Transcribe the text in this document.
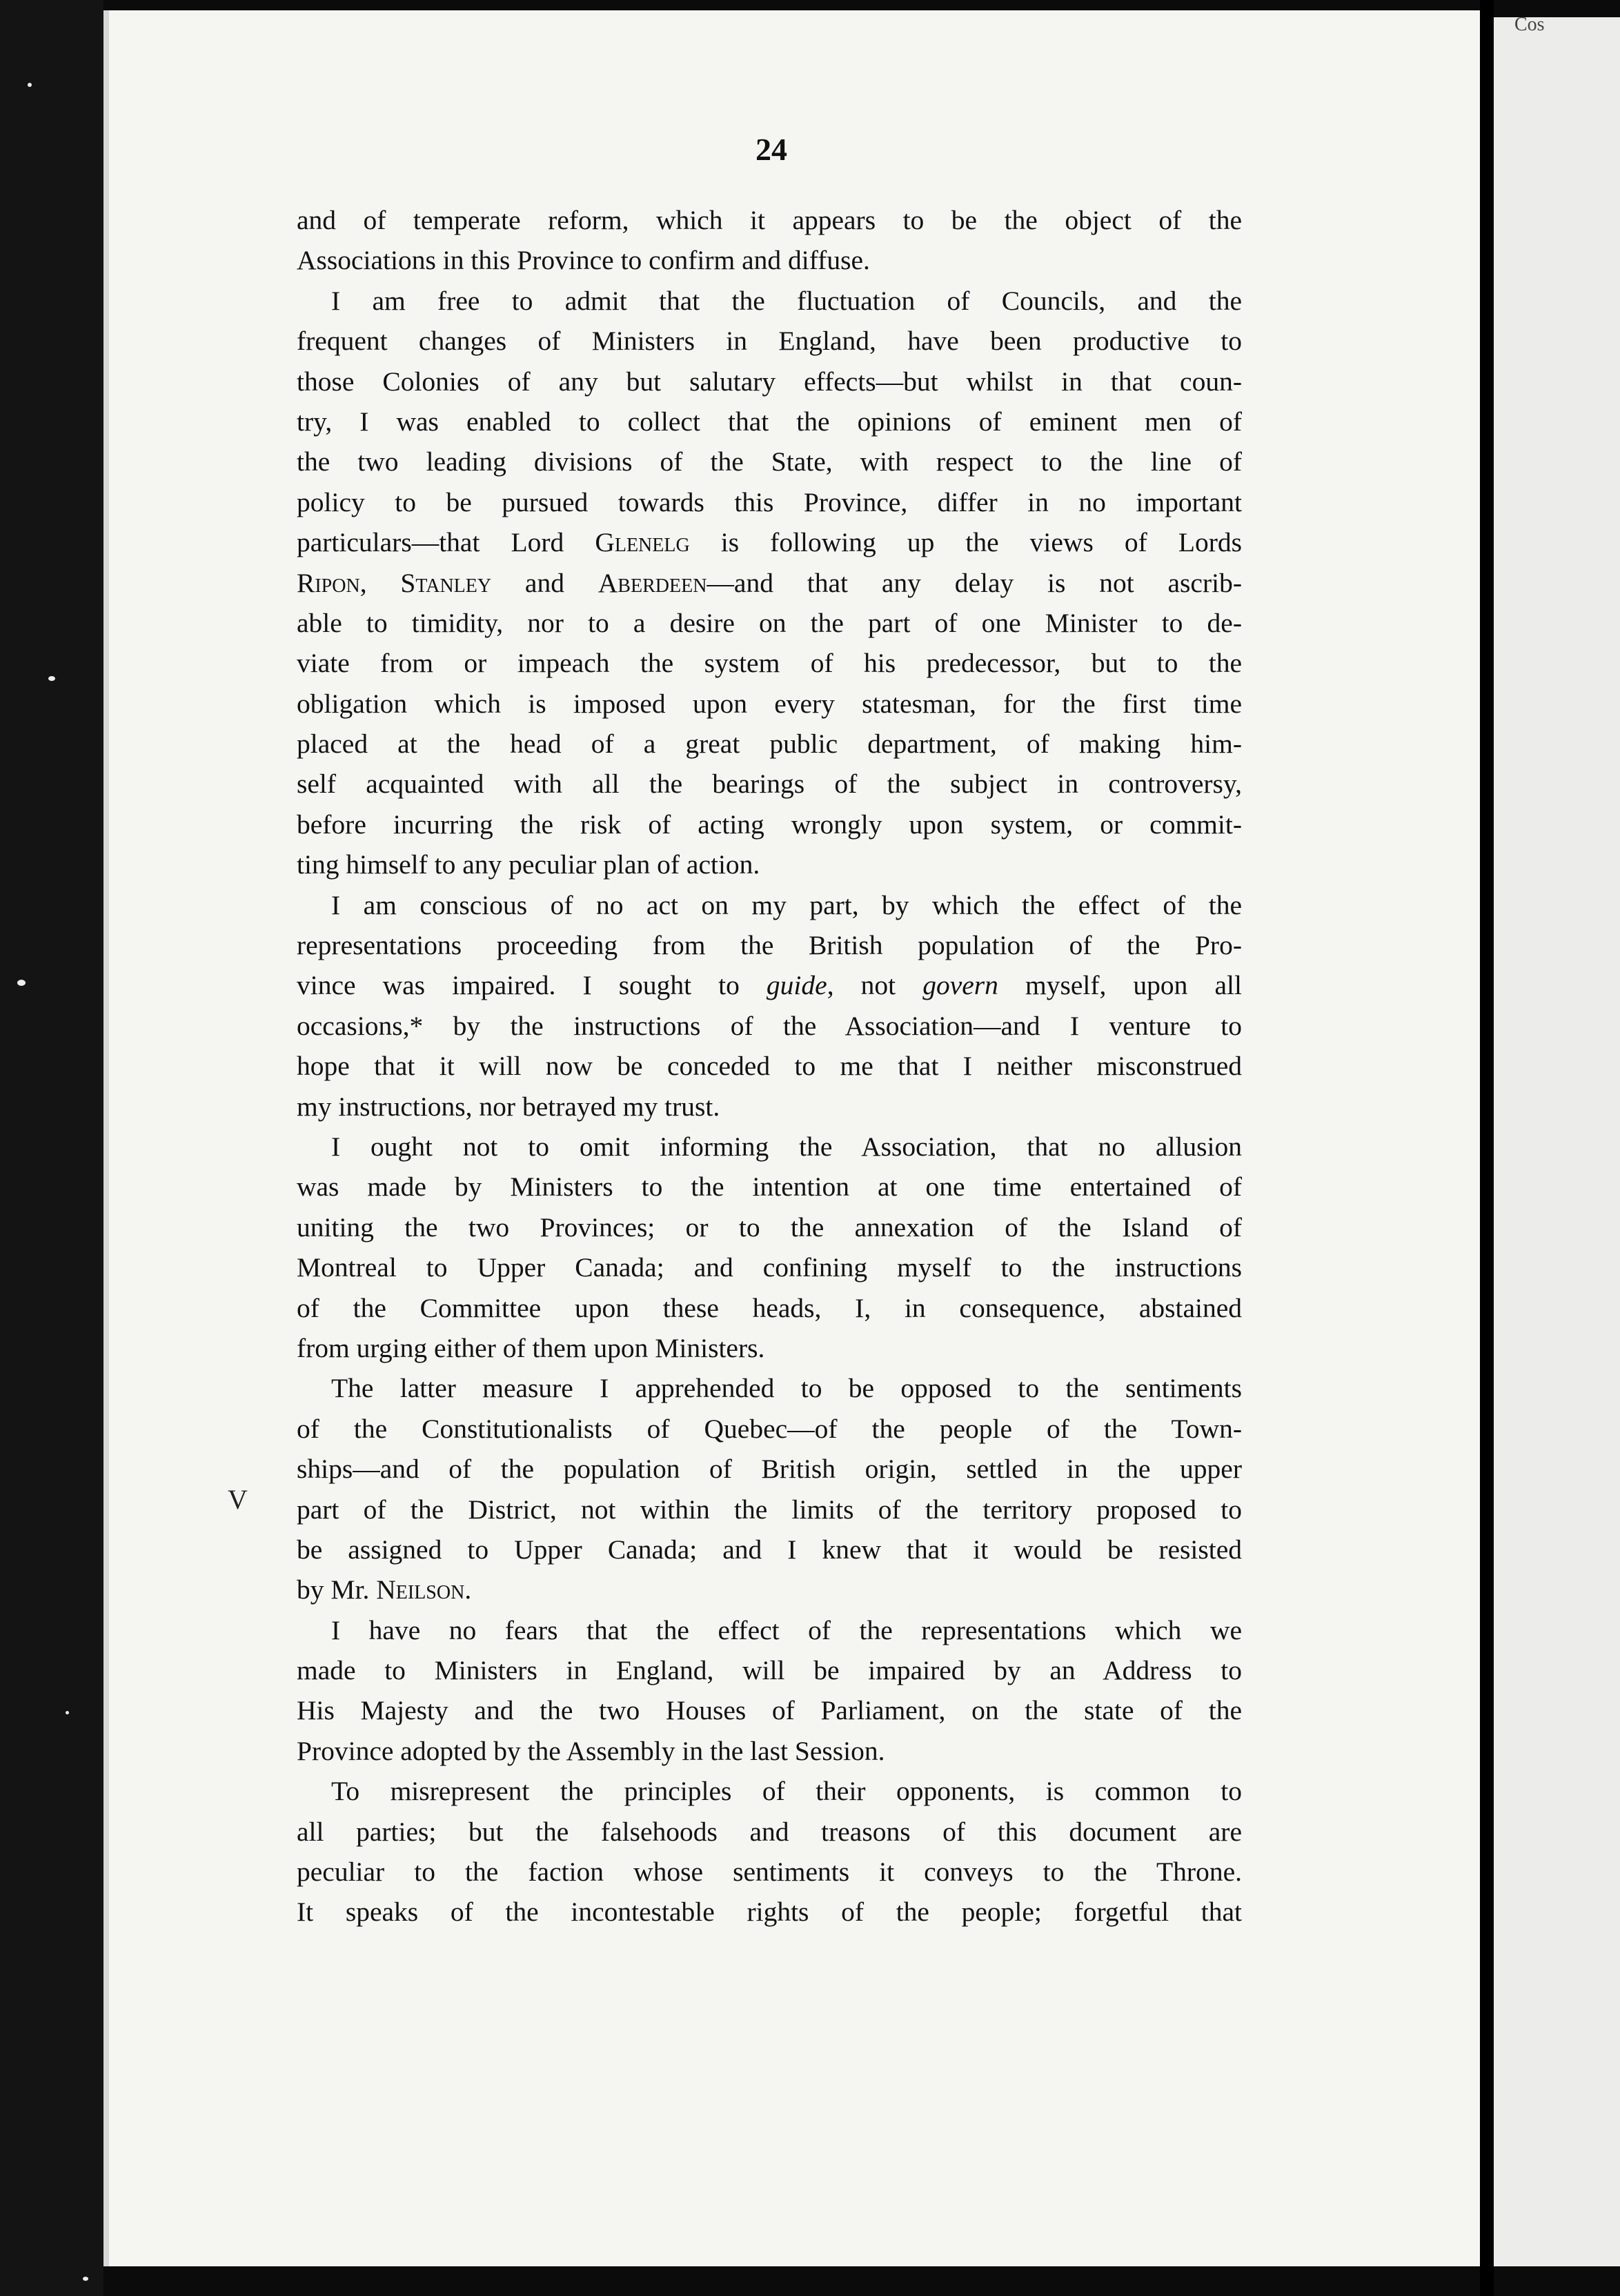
Cos
24
V
and of temperate reform, which it appears to be the object of the
Associations in this Province to confirm and diffuse.
I am free to admit that the fluctuation of Councils, and the
frequent changes of Ministers in England, have been productive to
those Colonies of any but salutary effects—but whilst in that coun-
try, I was enabled to collect that the opinions of eminent men of
the two leading divisions of the State, with respect to the line of
policy to be pursued towards this Province, differ in no important
particulars—that Lord Glenelg is following up the views of Lords
Ripon, Stanley and Aberdeen—and that any delay is not ascrib-
able to timidity, nor to a desire on the part of one Minister to de-
viate from or impeach the system of his predecessor, but to the
obligation which is imposed upon every statesman, for the first time
placed at the head of a great public department, of making him-
self acquainted with all the bearings of the subject in controversy,
before incurring the risk of acting wrongly upon system, or commit-
ting himself to any peculiar plan of action.
I am conscious of no act on my part, by which the effect of the
representations proceeding from the British population of the Pro-
vince was impaired. I sought to guide, not govern myself, upon all
occasions,* by the instructions of the Association—and I venture to
hope that it will now be conceded to me that I neither misconstrued
my instructions, nor betrayed my trust.
I ought not to omit informing the Association, that no allusion
was made by Ministers to the intention at one time entertained of
uniting the two Provinces; or to the annexation of the Island of
Montreal to Upper Canada; and confining myself to the instructions
of the Committee upon these heads, I, in consequence, abstained
from urging either of them upon Ministers.
The latter measure I apprehended to be opposed to the sentiments
of the Constitutionalists of Quebec—of the people of the Town-
ships—and of the population of British origin, settled in the upper
part of the District, not within the limits of the territory proposed to
be assigned to Upper Canada; and I knew that it would be resisted
by Mr. Neilson.
I have no fears that the effect of the representations which we
made to Ministers in England, will be impaired by an Address to
His Majesty and the two Houses of Parliament, on the state of the
Province adopted by the Assembly in the last Session.
To misrepresent the principles of their opponents, is common to
all parties; but the falsehoods and treasons of this document are
peculiar to the faction whose sentiments it conveys to the Throne.
It speaks of the incontestable rights of the people; forgetful that
